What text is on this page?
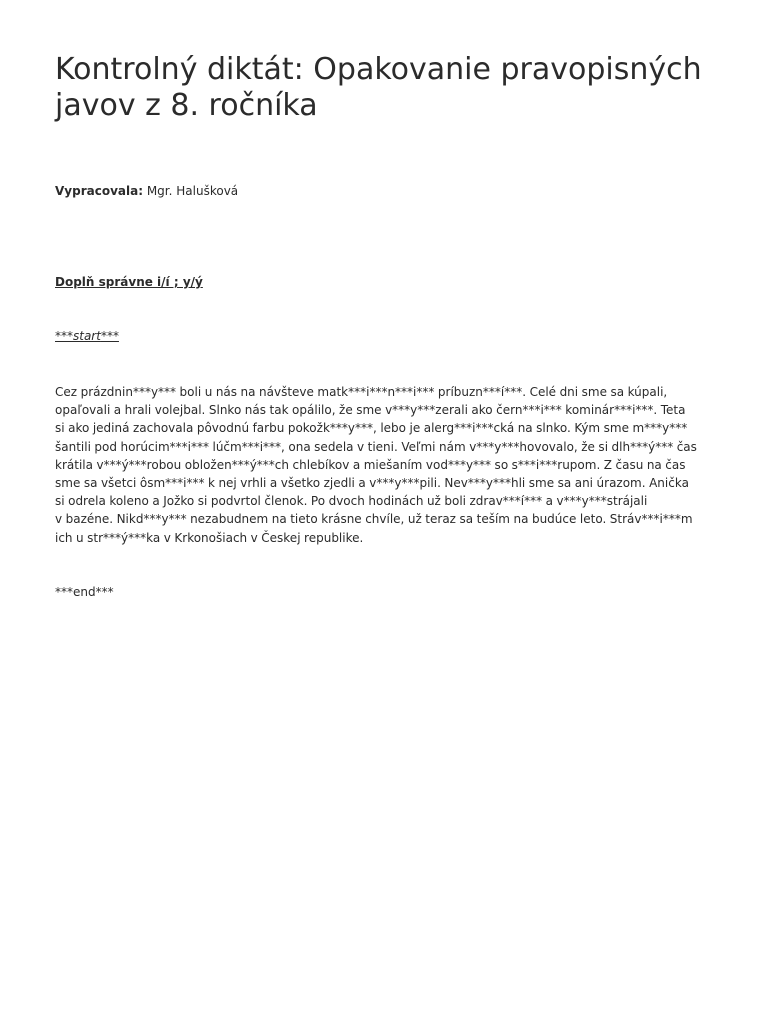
Kontrolný diktát: Opakovanie pravopisných javov z 8. ročníka

Vypracovala: Mgr. Halušková

Doplň správne i/í ; y/ý

***start***

Cez prázdnin***y*** boli u nás na návšteve matk***i***n***i*** príbuzn***í***. Celé dni sme sa kúpali,
opaľovali a hrali volejbal. Slnko nás tak opálilo, že sme v***y***zerali ako čern***i*** kominár***i***. Teta
si ako jediná zachovala pôvodnú farbu pokožk***y***, lebo je alerg***i***cká na slnko. Kým sme m***y***
šantili pod horúcim***i*** lúčm***i***, ona sedela v tieni. Veľmi nám v***y***hovovalo, že si dlh***ý*** čas
krátila v***ý***robou obložen***ý***ch chlebíkov a miešaním vod***y*** so s***i***rupom. Z času na čas
sme sa všetci ôsm***i*** k nej vrhli a všetko zjedli a v***y***pili. Nev***y***hli sme sa ani úrazom. Anička
si odrela koleno a Jožko si podvrtol členok. Po dvoch hodinách už boli zdrav***í*** a v***y***strájali
v bazéne. Nikd***y*** nezabudnem na tieto krásne chvíle, už teraz sa teším na budúce leto. Stráv***i***m
ich u str***ý***ka v Krkonošiach v Českej republike.

***end***
